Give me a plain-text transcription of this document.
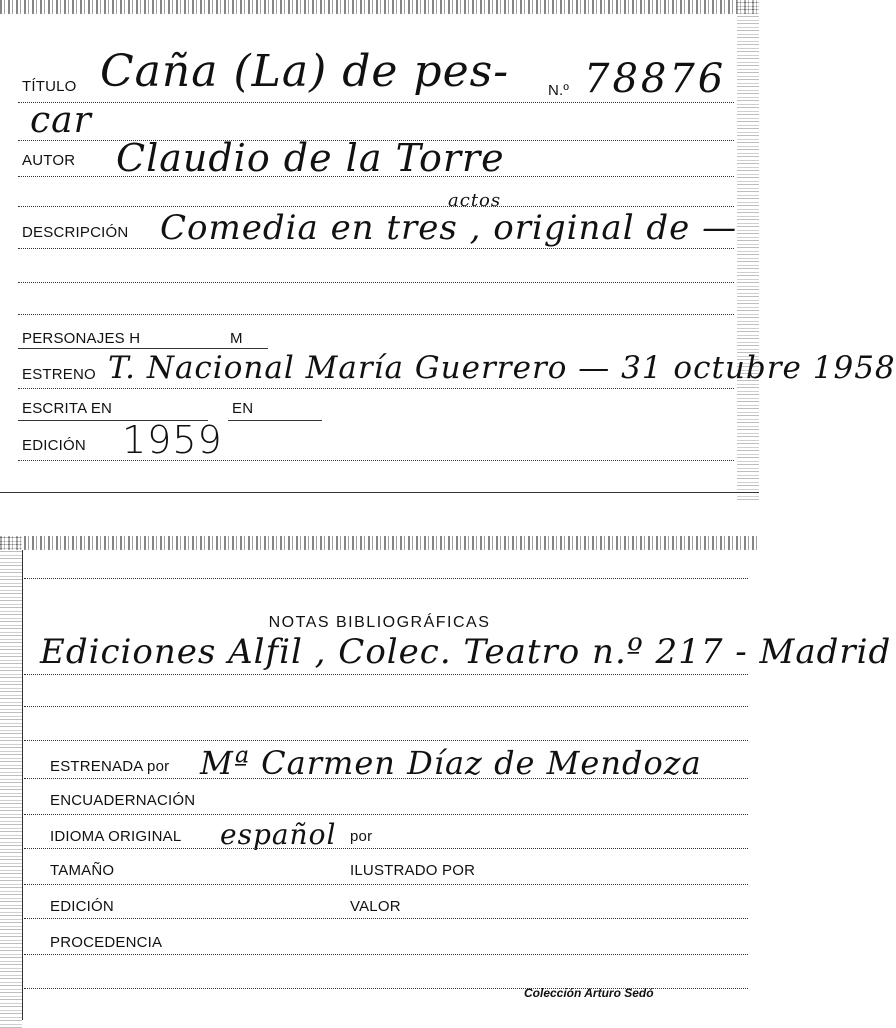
TÍTULO Caña (La) de pes-	N.º 78876
car
AUTOR Claudio de la Torre
DESCRIPCIÓN
actos
Comedia en tres , original de —
PERSONAJES H	M
ESTRENO T. Nacional María Guerrero — 31 octubre 1958
ESCRITA EN	EN
EDICIÓN 1959
NOTAS BIBLIOGRÁFICAS
Ediciones Alfil , Colec. Teatro n.º 217 - Madrid
ESTRENADA por Mª Carmen Díaz de Mendoza
ENCUADERNACIÓN
IDIOMA ORIGINAL español por
TAMAÑO	ILUSTRADO POR
EDICIÓN	VALOR
PROCEDENCIA
Colección Arturo Sedó
